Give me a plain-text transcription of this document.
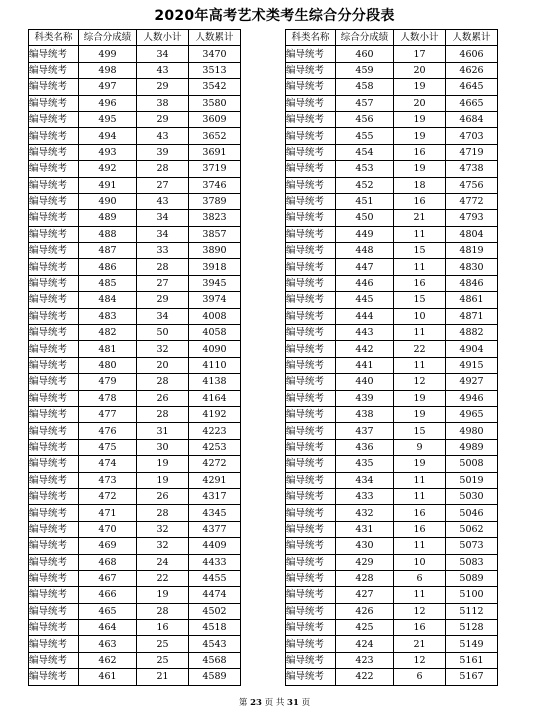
2020年高考艺术类考生综合分分段表
科类名称	综合分成绩	人数小计	人数累计
编导统考	499	34	3470
编导统考	498	43	3513
编导统考	497	29	3542
编导统考	496	38	3580
编导统考	495	29	3609
编导统考	494	43	3652
编导统考	493	39	3691
编导统考	492	28	3719
编导统考	491	27	3746
编导统考	490	43	3789
编导统考	489	34	3823
编导统考	488	34	3857
编导统考	487	33	3890
编导统考	486	28	3918
编导统考	485	27	3945
编导统考	484	29	3974
编导统考	483	34	4008
编导统考	482	50	4058
编导统考	481	32	4090
编导统考	480	20	4110
编导统考	479	28	4138
编导统考	478	26	4164
编导统考	477	28	4192
编导统考	476	31	4223
编导统考	475	30	4253
编导统考	474	19	4272
编导统考	473	19	4291
编导统考	472	26	4317
编导统考	471	28	4345
编导统考	470	32	4377
编导统考	469	32	4409
编导统考	468	24	4433
编导统考	467	22	4455
编导统考	466	19	4474
编导统考	465	28	4502
编导统考	464	16	4518
编导统考	463	25	4543
编导统考	462	25	4568
编导统考	461	21	4589
科类名称	综合分成绩	人数小计	人数累计
编导统考	460	17	4606
编导统考	459	20	4626
编导统考	458	19	4645
编导统考	457	20	4665
编导统考	456	19	4684
编导统考	455	19	4703
编导统考	454	16	4719
编导统考	453	19	4738
编导统考	452	18	4756
编导统考	451	16	4772
编导统考	450	21	4793
编导统考	449	11	4804
编导统考	448	15	4819
编导统考	447	11	4830
编导统考	446	16	4846
编导统考	445	15	4861
编导统考	444	10	4871
编导统考	443	11	4882
编导统考	442	22	4904
编导统考	441	11	4915
编导统考	440	12	4927
编导统考	439	19	4946
编导统考	438	19	4965
编导统考	437	15	4980
编导统考	436	9	4989
编导统考	435	19	5008
编导统考	434	11	5019
编导统考	433	11	5030
编导统考	432	16	5046
编导统考	431	16	5062
编导统考	430	11	5073
编导统考	429	10	5083
编导统考	428	6	5089
编导统考	427	11	5100
编导统考	426	12	5112
编导统考	425	16	5128
编导统考	424	21	5149
编导统考	423	12	5161
编导统考	422	6	5167
第 23 页 共 31 页
